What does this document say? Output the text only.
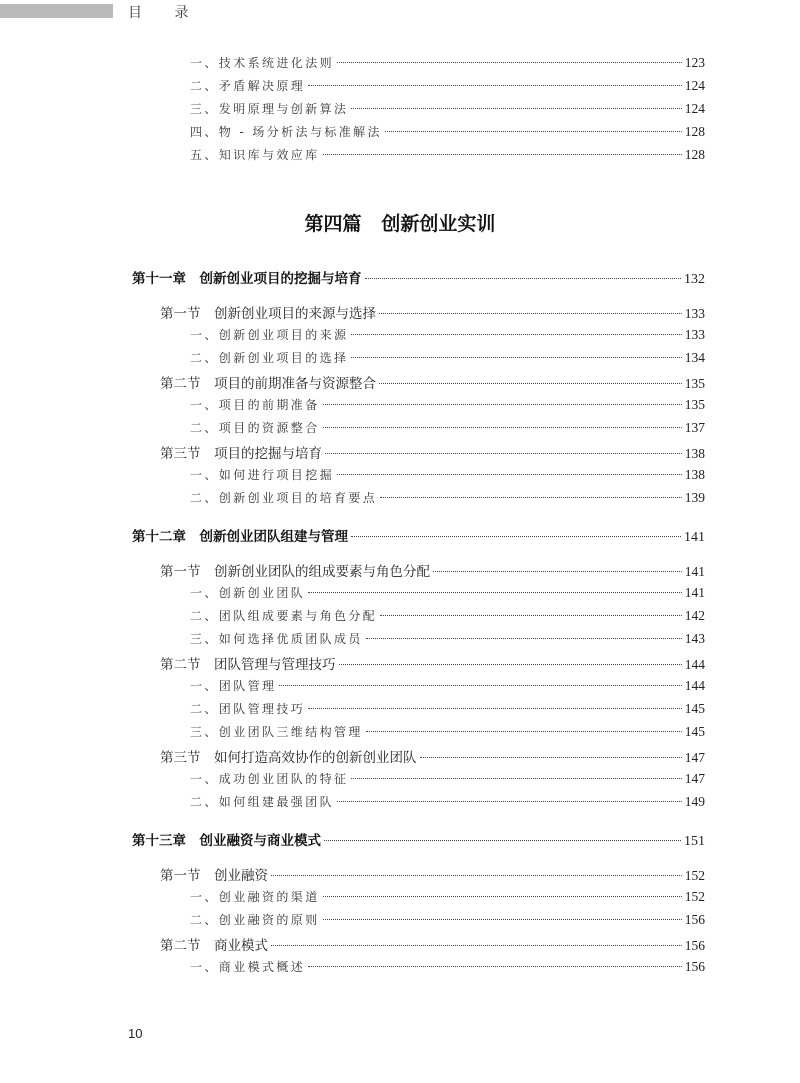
目 录
一、技术系统进化法则	123
二、矛盾解决原理	124
三、发明原理与创新算法	124
四、物 - 场分析法与标准解法	128
五、知识库与效应库	128
第四篇 创新创业实训
第十一章　创新创业项目的挖掘与培育	132
第一节　创新创业项目的来源与选择	133
一、创新创业项目的来源	133
二、创新创业项目的选择	134
第二节　项目的前期准备与资源整合	135
一、项目的前期准备	135
二、项目的资源整合	137
第三节　项目的挖掘与培育	138
一、如何进行项目挖掘	138
二、创新创业项目的培育要点	139
第十二章　创新创业团队组建与管理	141
第一节　创新创业团队的组成要素与角色分配	141
一、创新创业团队	141
二、团队组成要素与角色分配	142
三、如何选择优质团队成员	143
第二节　团队管理与管理技巧	144
一、团队管理	144
二、团队管理技巧	145
三、创业团队三维结构管理	145
第三节　如何打造高效协作的创新创业团队	147
一、成功创业团队的特征	147
二、如何组建最强团队	149
第十三章　创业融资与商业模式	151
第一节　创业融资	152
一、创业融资的渠道	152
二、创业融资的原则	156
第二节　商业模式	156
一、商业模式概述	156
10
